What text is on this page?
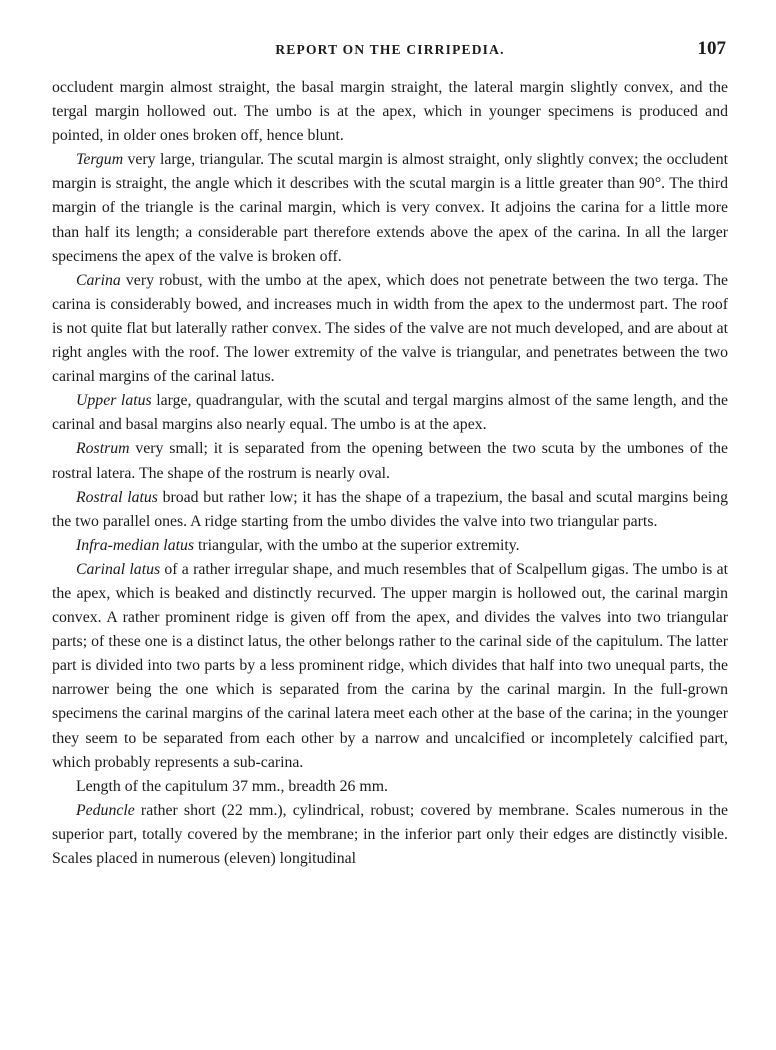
REPORT ON THE CIRRIPEDIA.	107

occludent margin almost straight, the basal margin straight, the lateral margin slightly convex, and the tergal margin hollowed out. The umbo is at the apex, which in younger specimens is produced and pointed, in older ones broken off, hence blunt.

Tergum very large, triangular. The scutal margin is almost straight, only slightly convex; the occludent margin is straight, the angle which it describes with the scutal margin is a little greater than 90°. The third margin of the triangle is the carinal margin, which is very convex. It adjoins the carina for a little more than half its length; a considerable part therefore extends above the apex of the carina. In all the larger specimens the apex of the valve is broken off.

Carina very robust, with the umbo at the apex, which does not penetrate between the two terga. The carina is considerably bowed, and increases much in width from the apex to the undermost part. The roof is not quite flat but laterally rather convex. The sides of the valve are not much developed, and are about at right angles with the roof. The lower extremity of the valve is triangular, and penetrates between the two carinal margins of the carinal latus.

Upper latus large, quadrangular, with the scutal and tergal margins almost of the same length, and the carinal and basal margins also nearly equal. The umbo is at the apex.

Rostrum very small; it is separated from the opening between the two scuta by the umbones of the rostral latera. The shape of the rostrum is nearly oval.

Rostral latus broad but rather low; it has the shape of a trapezium, the basal and scutal margins being the two parallel ones. A ridge starting from the umbo divides the valve into two triangular parts.

Infra-median latus triangular, with the umbo at the superior extremity.

Carinal latus of a rather irregular shape, and much resembles that of Scalpellum gigas. The umbo is at the apex, which is beaked and distinctly recurved. The upper margin is hollowed out, the carinal margin convex. A rather prominent ridge is given off from the apex, and divides the valves into two triangular parts; of these one is a distinct latus, the other belongs rather to the carinal side of the capitulum. The latter part is divided into two parts by a less prominent ridge, which divides that half into two unequal parts, the narrower being the one which is separated from the carina by the carinal margin. In the full-grown specimens the carinal margins of the carinal latera meet each other at the base of the carina; in the younger they seem to be separated from each other by a narrow and uncalcified or incompletely calcified part, which probably represents a sub-carina.

Length of the capitulum 37 mm., breadth 26 mm.

Peduncle rather short (22 mm.), cylindrical, robust; covered by membrane. Scales numerous in the superior part, totally covered by the membrane; in the inferior part only their edges are distinctly visible. Scales placed in numerous (eleven) longitudinal
